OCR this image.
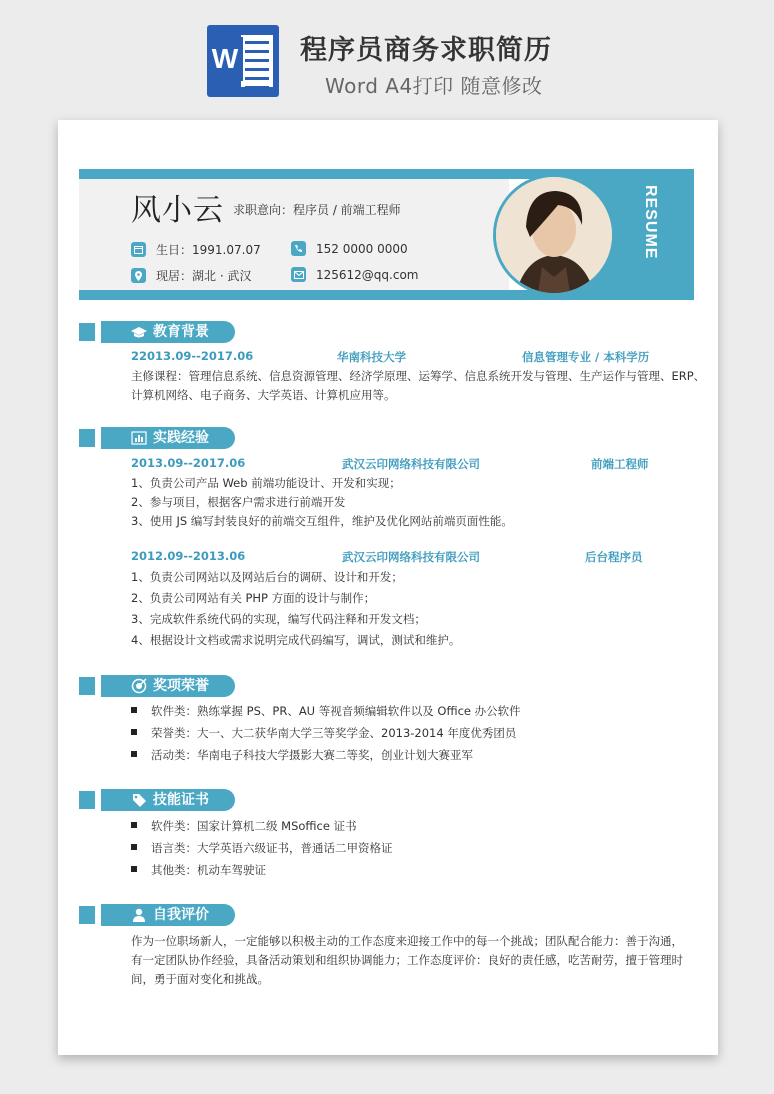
W 程序员商务求职简历
Word A4打印 随意修改
RESUME
风小云 求职意向：程序员 / 前端工程师
生日：1991.07.07
现居：湖北 · 武汉
152 0000 0000
125612@qq.com
教育背景
22013.09--2017.06	华南科技大学	信息管理专业 / 本科学历
主修课程：管理信息系统、信息资源管理、经济学原理、运筹学、信息系统开发与管理、生产运作与管理、ERP、
计算机网络、电子商务、大学英语、计算机应用等。
实践经验
2013.09--2017.06	武汉云印网络科技有限公司	前端工程师
1、负责公司产品 Web 前端功能设计、开发和实现；
2、参与项目，根据客户需求进行前端开发
3、使用 JS 编写封装良好的前端交互组件，维护及优化网站前端页面性能。
2012.09--2013.06	武汉云印网络科技有限公司	后台程序员
1、负责公司网站以及网站后台的调研、设计和开发；
2、负责公司网站有关 PHP 方面的设计与制作；
3、完成软件系统代码的实现，编写代码注释和开发文档；
4、根据设计文档或需求说明完成代码编写，调试，测试和维护。
奖项荣誉
软件类：熟练掌握 PS、PR、AU 等视音频编辑软件以及 Office 办公软件
荣誉类：大一、大二获华南大学三等奖学金、2013-2014 年度优秀团员
活动类：华南电子科技大学摄影大赛二等奖，创业计划大赛亚军
技能证书
软件类：国家计算机二级 MSoffice 证书
语言类：大学英语六级证书，普通话二甲资格证
其他类：机动车驾驶证
自我评价
作为一位职场新人，一定能够以积极主动的工作态度来迎接工作中的每一个挑战；团队配合能力：善于沟通，
有一定团队协作经验，具备活动策划和组织协调能力；工作态度评价：良好的责任感，吃苦耐劳，擅于管理时
间，勇于面对变化和挑战。
